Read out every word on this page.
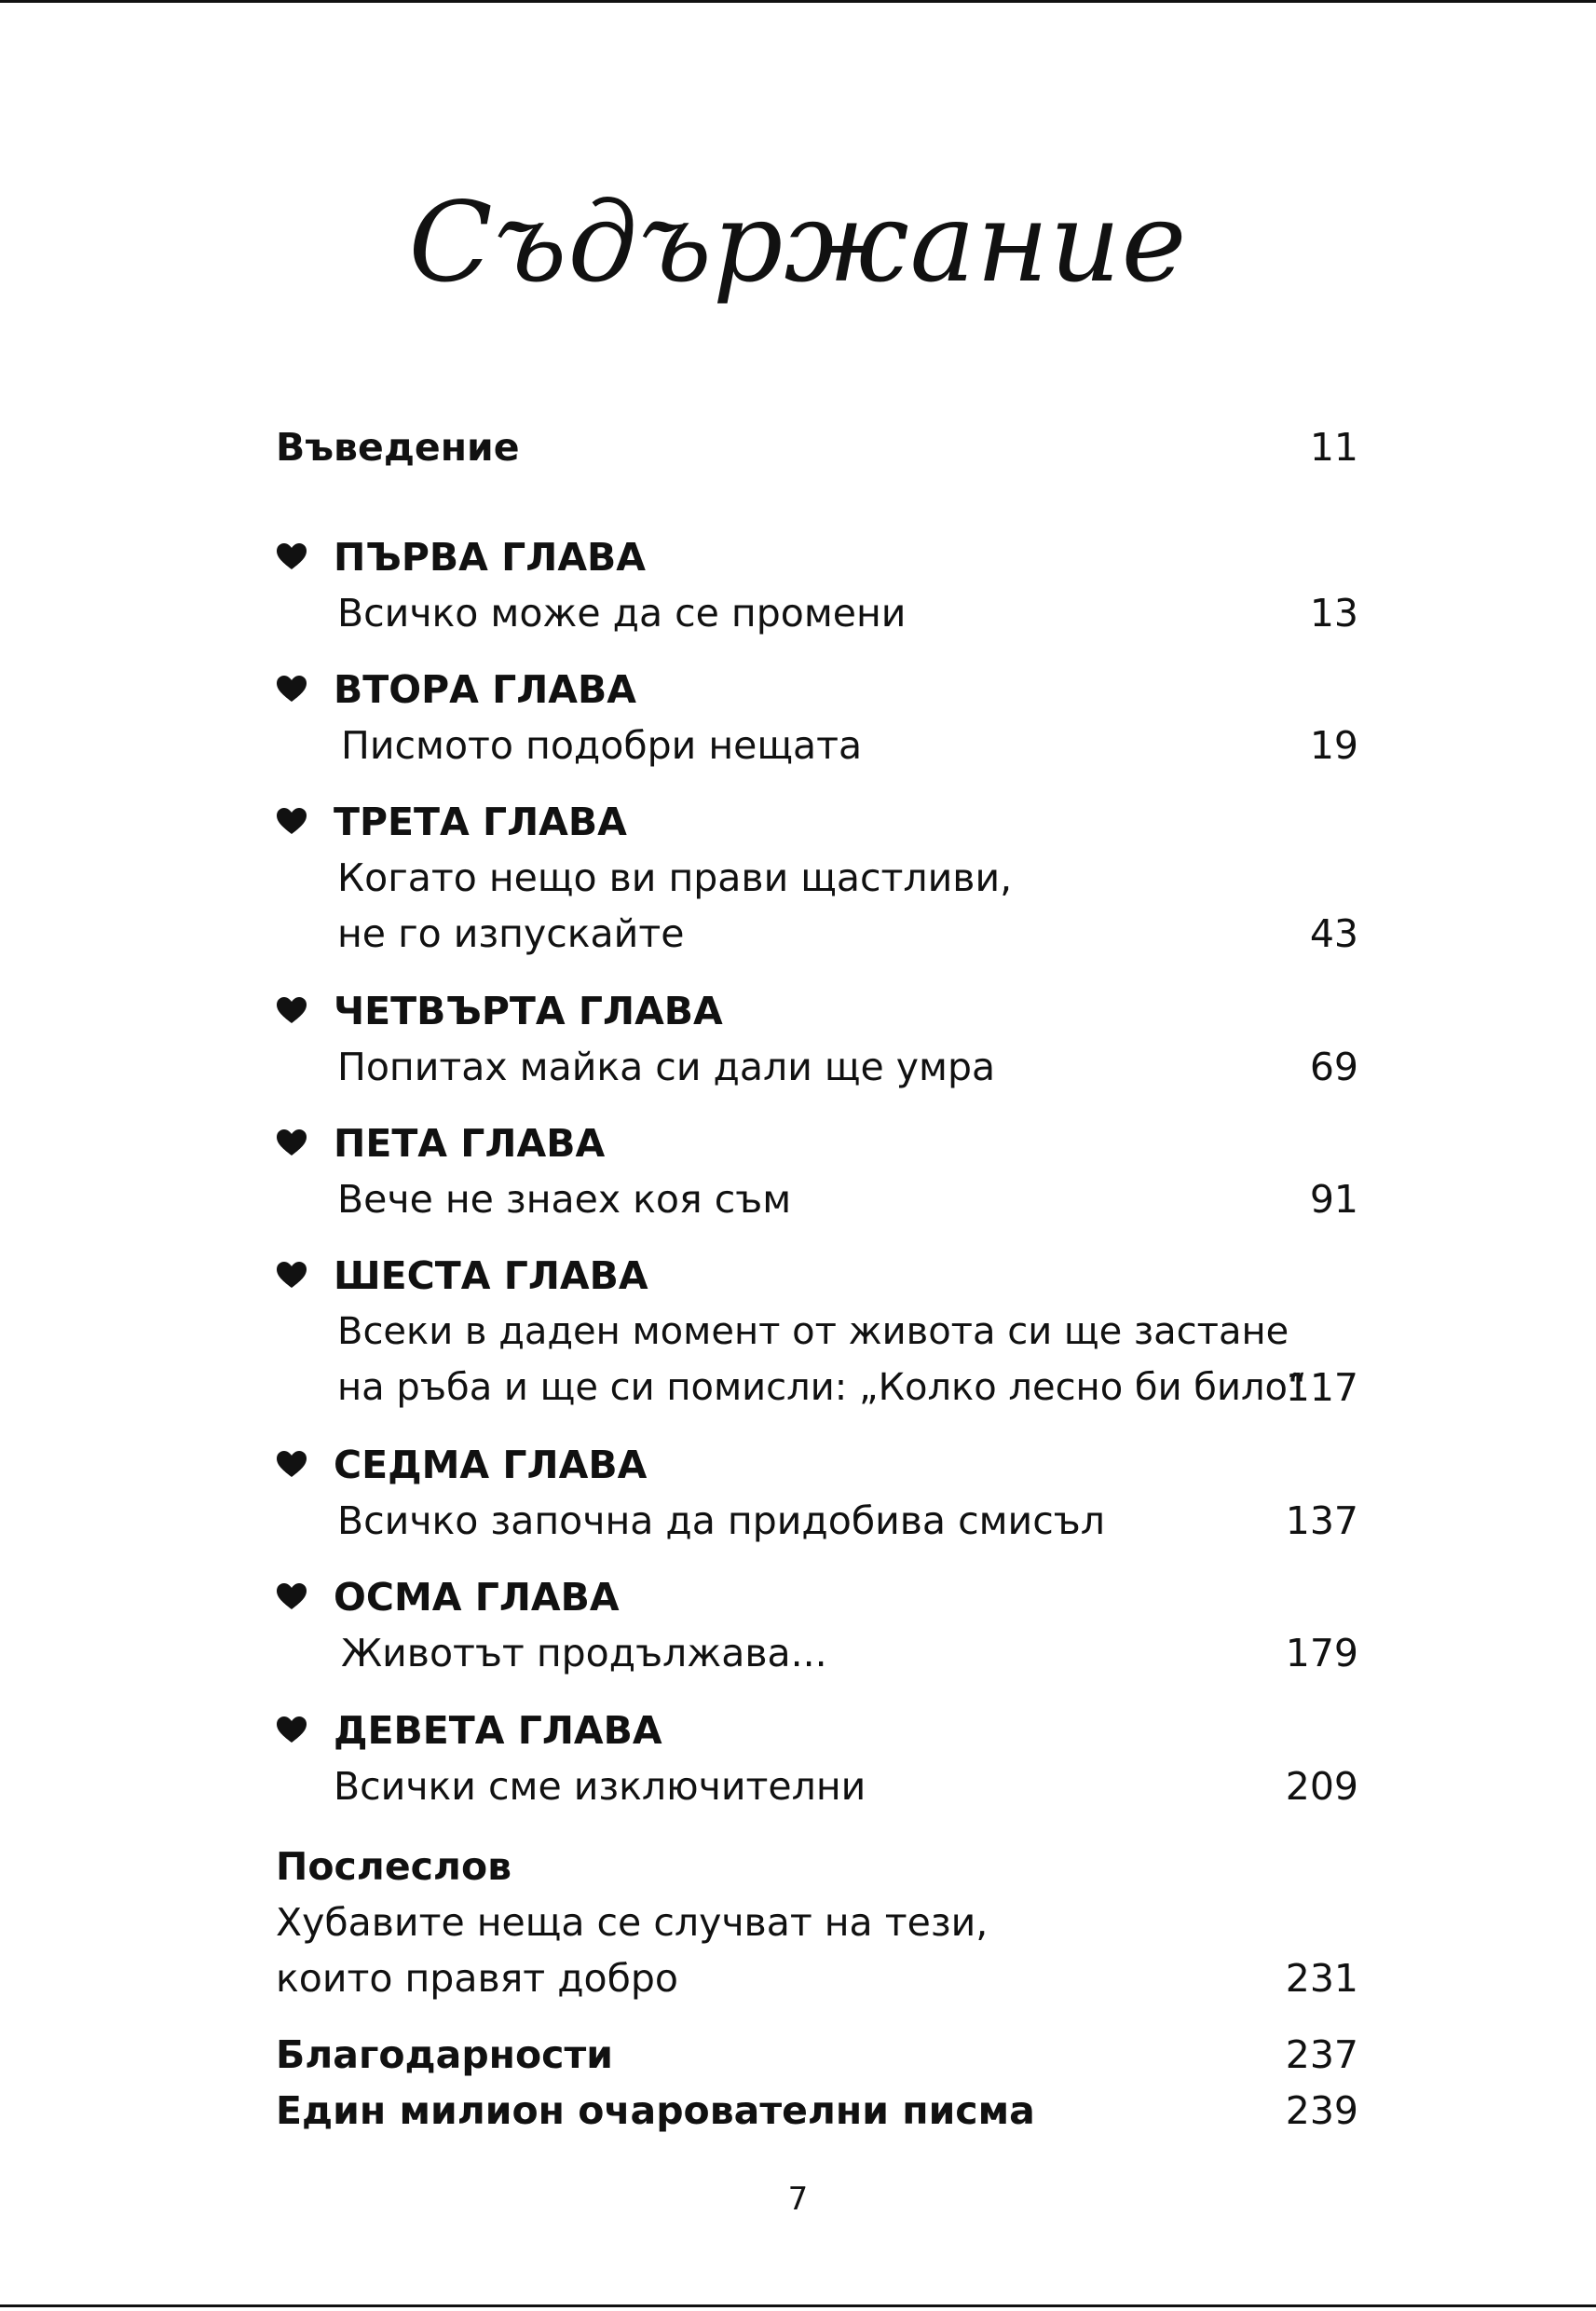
Съдържание
Въведение	11
ПЪРВА ГЛАВА
Всичко може да се промени	13
ВТОРА ГЛАВА
Писмото подобри нещата	19
ТРЕТА ГЛАВА
Когато нещо ви прави щастливи,
не го изпускайте	43
ЧЕТВЪРТА ГЛАВА
Попитах майка си дали ще умра	69
ПЕТА ГЛАВА
Вече не знаех коя съм	91
ШЕСТА ГЛАВА
Всеки в даден момент от живота си ще застане
на ръба и ще си помисли: „Колко лесно би било“
117
СЕДМА ГЛАВА
Всичко започна да придобива смисъл	137
ОСМА ГЛАВА
Животът продължава...	179
ДЕВЕТА ГЛАВА
Всички сме изключителни	209
Послеслов
Хубавите неща се случват на тези,
които правят добро	231
Благодарности	237
Един милион очарователни писма	239
7
